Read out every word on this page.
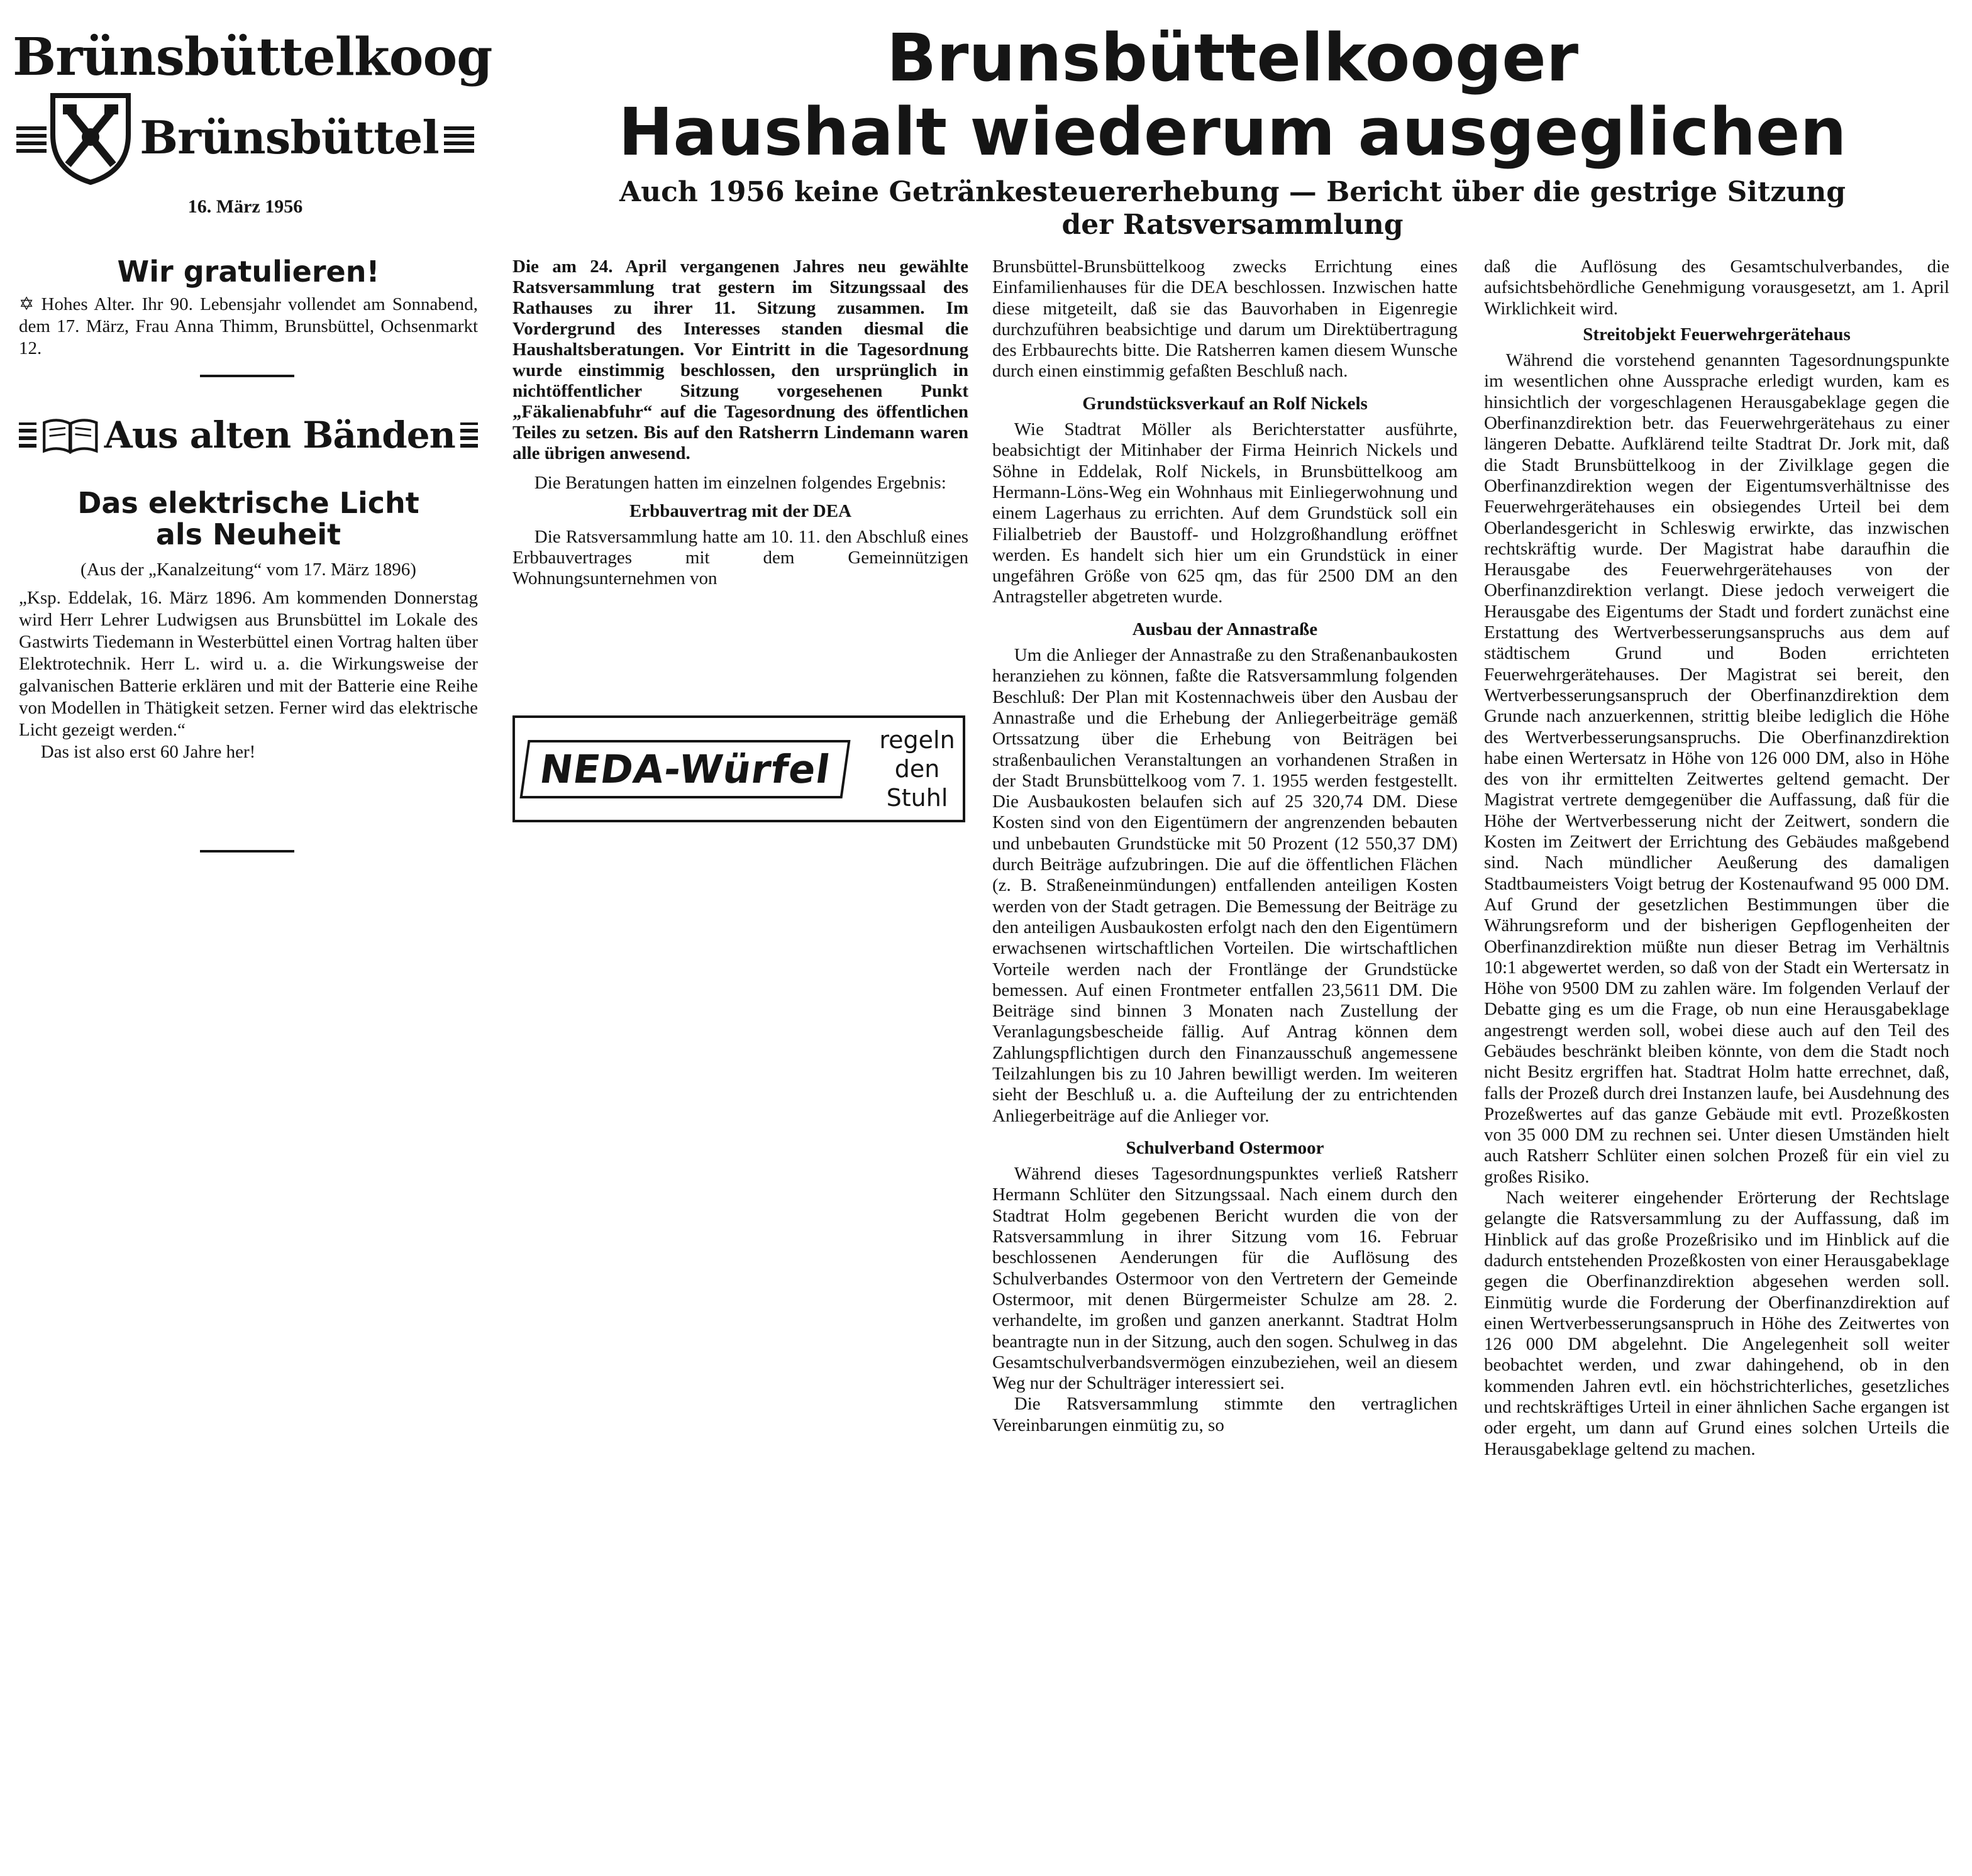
Brünsbüttelkoog
Brünsbüttel
16. März 1956
Wir gratulieren!

✡ Hohes Alter. Ihr 90. Lebensjahr vollendet am Sonnabend, dem 17. März, Frau Anna Thimm, Brunsbüttel, Ochsenmarkt 12.

Aus alten Bänden
Das elektrische Licht
als Neuheit
(Aus der „Kanalzeitung“ vom 17. März 1896)

„Ksp. Eddelak, 16. März 1896. Am kommenden Donnerstag wird Herr Lehrer Ludwigsen aus Brunsbüttel im Lokale des Gastwirts Tiedemann in Westerbüttel einen Vortrag halten über Elektrotechnik. Herr L. wird u. a. die Wirkungsweise der galvanischen Batterie erklären und mit der Batterie eine Reihe von Modellen in Thätigkeit setzen. Ferner wird das elektrische Licht gezeigt werden.“

Das ist also erst 60 Jahre her!

Brunsbüttelkooger
Haushalt wiederum ausgeglichen
Auch 1956 keine Getränkesteuererhebung — Bericht über die gestrige Sitzung
der Ratsversammlung

Die am 24. April vergangenen Jahres neu gewählte Ratsversammlung trat gestern im Sitzungssaal des Rathauses zu ihrer 11. Sitzung zusammen. Im Vordergrund des Interesses standen diesmal die Haushaltsberatungen. Vor Eintritt in die Tagesordnung wurde einstimmig beschlossen, den ursprünglich in nichtöffentlicher Sitzung vorgesehenen Punkt „Fäkalienabfuhr“ auf die Tagesordnung des öffentlichen Teiles zu setzen. Bis auf den Ratsherrn Lindemann waren alle übrigen anwesend.

Die Beratungen hatten im einzelnen folgendes Ergebnis:

Erbbauvertrag mit der DEA

Die Ratsversammlung hatte am 10. 11. den Abschluß eines Erbbauvertrages mit dem Gemeinnützigen Wohnungsunternehmen von

NEDA-Würfel
regeln
den Stuhl

Brunsbüttel-Brunsbüttelkoog zwecks Errichtung eines Einfamilienhauses für die DEA beschlossen. Inzwischen hatte diese mitgeteilt, daß sie das Bauvorhaben in Eigenregie durchzuführen beabsichtige und darum um Direktübertragung des Erbbaurechts bitte. Die Ratsherren kamen diesem Wunsche durch einen einstimmig gefaßten Beschluß nach.

Grundstücksverkauf an Rolf Nickels

Wie Stadtrat Möller als Berichterstatter ausführte, beabsichtigt der Mitinhaber der Firma Heinrich Nickels und Söhne in Eddelak, Rolf Nickels, in Brunsbüttelkoog am Hermann-Löns-Weg ein Wohnhaus mit Einliegerwohnung und einem Lagerhaus zu errichten. Auf dem Grundstück soll ein Filialbetrieb der Baustoff- und Holzgroßhandlung eröffnet werden. Es handelt sich hier um ein Grundstück in einer ungefähren Größe von 625 qm, das für 2500 DM an den Antragsteller abgetreten wurde.

Ausbau der Annastraße

Um die Anlieger der Annastraße zu den Straßenanbaukosten heranziehen zu können, faßte die Ratsversammlung folgenden Beschluß: Der Plan mit Kostennachweis über den Ausbau der Annastraße und die Erhebung der Anliegerbeiträge gemäß Ortssatzung über die Erhebung von Beiträgen bei straßenbaulichen Veranstaltungen an vorhandenen Straßen in der Stadt Brunsbüttelkoog vom 7. 1. 1955 werden festgestellt. Die Ausbaukosten belaufen sich auf 25 320,74 DM. Diese Kosten sind von den Eigentümern der angrenzenden bebauten und unbebauten Grundstücke mit 50 Prozent (12 550,37 DM) durch Beiträge aufzubringen. Die auf die öffentlichen Flächen (z. B. Straßeneinmündungen) entfallenden anteiligen Kosten werden von der Stadt getragen. Die Bemessung der Beiträge zu den anteiligen Ausbaukosten erfolgt nach den den Eigentümern erwachsenen wirtschaftlichen Vorteilen. Die wirtschaftlichen Vorteile werden nach der Frontlänge der Grundstücke bemessen. Auf einen Frontmeter entfallen 23,5611 DM. Die Beiträge sind binnen 3 Monaten nach Zustellung der Veranlagungsbescheide fällig. Auf Antrag können dem Zahlungspflichtigen durch den Finanzausschuß angemessene Teilzahlungen bis zu 10 Jahren bewilligt werden. Im weiteren sieht der Beschluß u. a. die Aufteilung der zu entrichtenden Anliegerbeiträge auf die Anlieger vor.

Schulverband Ostermoor

Während dieses Tagesordnungspunktes verließ Ratsherr Hermann Schlüter den Sitzungssaal. Nach einem durch den Stadtrat Holm gegebenen Bericht wurden die von der Ratsversammlung in ihrer Sitzung vom 16. Februar beschlossenen Aenderungen für die Auflösung des Schulverbandes Ostermoor von den Vertretern der Gemeinde Ostermoor, mit denen Bürgermeister Schulze am 28. 2. verhandelte, im großen und ganzen anerkannt. Stadtrat Holm beantragte nun in der Sitzung, auch den sogen. Schulweg in das Gesamtschulverbandsvermögen einzubeziehen, weil an diesem Weg nur der Schulträger interessiert sei.

Die Ratsversammlung stimmte den vertraglichen Vereinbarungen einmütig zu, so

daß die Auflösung des Gesamtschulverbandes, die aufsichtsbehördliche Genehmigung vorausgesetzt, am 1. April Wirklichkeit wird.

Streitobjekt Feuerwehrgerätehaus

Während die vorstehend genannten Tagesordnungspunkte im wesentlichen ohne Aussprache erledigt wurden, kam es hinsichtlich der vorgeschlagenen Herausgabeklage gegen die Oberfinanzdirektion betr. das Feuerwehrgerätehaus zu einer längeren Debatte. Aufklärend teilte Stadtrat Dr. Jork mit, daß die Stadt Brunsbüttelkoog in der Zivilklage gegen die Oberfinanzdirektion wegen der Eigentumsverhältnisse des Feuerwehrgerätehauses ein obsiegendes Urteil bei dem Oberlandesgericht in Schleswig erwirkte, das inzwischen rechtskräftig wurde. Der Magistrat habe daraufhin die Herausgabe des Feuerwehrgerätehauses von der Oberfinanzdirektion verlangt. Diese jedoch verweigert die Herausgabe des Eigentums der Stadt und fordert zunächst eine Erstattung des Wertverbesserungsanspruchs aus dem auf städtischem Grund und Boden errichteten Feuerwehrgerätehauses. Der Magistrat sei bereit, den Wertverbesserungsanspruch der Oberfinanzdirektion dem Grunde nach anzuerkennen, strittig bleibe lediglich die Höhe des Wertverbesserungsanspruchs. Die Oberfinanzdirektion habe einen Wertersatz in Höhe von 126 000 DM, also in Höhe des von ihr ermittelten Zeitwertes geltend gemacht. Der Magistrat vertrete demgegenüber die Auffassung, daß für die Höhe der Wertverbesserung nicht der Zeitwert, sondern die Kosten im Zeitwert der Errichtung des Gebäudes maßgebend sind. Nach mündlicher Aeußerung des damaligen Stadtbaumeisters Voigt betrug der Kostenaufwand 95 000 DM. Auf Grund der gesetzlichen Bestimmungen über die Währungsreform und der bisherigen Gepflogenheiten der Oberfinanzdirektion müßte nun dieser Betrag im Verhältnis 10:1 abgewertet werden, so daß von der Stadt ein Wertersatz in Höhe von 9500 DM zu zahlen wäre. Im folgenden Verlauf der Debatte ging es um die Frage, ob nun eine Herausgabeklage angestrengt werden soll, wobei diese auch auf den Teil des Gebäudes beschränkt bleiben könnte, von dem die Stadt noch nicht Besitz ergriffen hat. Stadtrat Holm hatte errechnet, daß, falls der Prozeß durch drei Instanzen laufe, bei Ausdehnung des Prozeßwertes auf das ganze Gebäude mit evtl. Prozeßkosten von 35 000 DM zu rechnen sei. Unter diesen Umständen hielt auch Ratsherr Schlüter einen solchen Prozeß für ein viel zu großes Risiko.

Nach weiterer eingehender Erörterung der Rechtslage gelangte die Ratsversammlung zu der Auffassung, daß im Hinblick auf das große Prozeßrisiko und im Hinblick auf die dadurch entstehenden Prozeßkosten von einer Herausgabeklage gegen die Oberfinanzdirektion abgesehen werden soll. Einmütig wurde die Forderung der Oberfinanzdirektion auf einen Wertverbesserungsanspruch in Höhe des Zeitwertes von 126 000 DM abgelehnt. Die Angelegenheit soll weiter beobachtet werden, und zwar dahingehend, ob in den kommenden Jahren evtl. ein höchstrichterliches, gesetzliches und rechtskräftiges Urteil in einer ähnlichen Sache ergangen ist oder ergeht, um dann auf Grund eines solchen Urteils die Herausgabeklage geltend zu machen.
